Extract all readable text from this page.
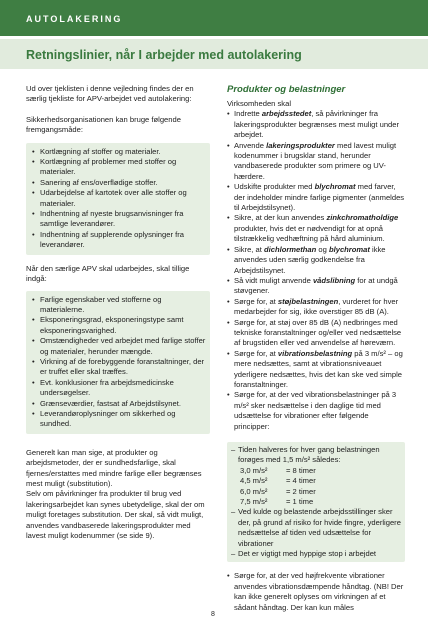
AUTOLAKERING
Retningslinier, når I arbejder med autolakering

Ud over tjeklisten i denne vejledning findes der en særlig tjekliste for APV-arbejdet ved autolakering:

Sikkerhedsorganisationen kan bruge følgende fremgangsmåde:

• Kortlægning af stoffer og materialer.
• Kortlægning af problemer med stoffer og materialer.
• Sanering af ens/overflødige stoffer.
• Udarbejdelse af kartotek over alle stoffer og materialer.
• Indhentning af nyeste brugsanvisninger fra samtlige leverandører.
• Indhentning af supplerende oplysninger fra leverandører.

Når den særlige APV skal udarbejdes, skal tillige indgå:

• Farlige egenskaber ved stofferne og materialerne.
• Eksponeringsgrad, eksponeringstype samt eksponeringsvarighed.
• Omstændigheder ved arbejdet med farlige stoffer og materialer, herunder mængde.
• Virkning af de forebyggende foranstaltninger, der er truffet eller skal træffes.
• Evt. konklusioner fra arbejdsmedicinske undersøgelser.
• Grænseværdier, fastsat af Arbejdstilsynet.
• Leverandøroplysninger om sikkerhed og sundhed.

Generelt kan man sige, at produkter og arbejdsmetoder, der er sundhedsfarlige, skal fjernes/erstattes med mindre farlige eller begrænses mest muligt (substitution).

Selv om påvirkninger fra produkter til brug ved lakeringsarbejdet kan synes ubetydelige, skal der om muligt foretages substitution. Der skal, så vidt muligt, anvendes vandbaserede lakeringsprodukter med lavest muligt kodenummer (se side 9).

Produkter og belastninger

Virksomheden skal

• Indrette arbejdsstedet, så påvirkninger fra lakeringsprodukter begrænses mest muligt under arbejdet.
• Anvende lakeringsprodukter med lavest muligt kodenummer i brugsklar stand, herunder vandbaserede produkter som primere og UV-hærdere.
• Udskifte produkter med blychromat med farver, der indeholder mindre farlige pigmenter (anmeldes til Arbejdstilsynet).
• Sikre, at der kun anvendes zinkchromatholdige produkter, hvis det er nødvendigt for at opnå tilstrækkelig vedhæftning på hård aluminium.
• Sikre, at dichlormethan og blychromat ikke anvendes uden særlig godkendelse fra Arbejdstilsynet.
• Så vidt muligt anvende vådslibning for at undgå støvgener.
• Sørge for, at støjbelastningen, vurderet for hver medarbejder for sig, ikke overstiger 85 dB (A).
• Sørge for, at støj over 85 dB (A) nedbringes med tekniske foranstaltninger og/eller ved nedsættelse af brugstiden eller ved anvendelse af høreværn.
• Sørge for, at vibrationsbelastning på 3 m/s² – og mere nedsættes, samt at vibrationsniveauet yderligere nedsættes, hvis det kan ske ved simple foranstaltninger.
• Sørge for, at der ved vibrationsbelastninger på 3 m/s² sker nedsættelse i den daglige tid med udsættelse for vibrationer efter følgende principper:
– Tiden halveres for hver gang belastningen forøges med 1,5 m/s² således:
3,0 m/s² = 8 timer
4,5 m/s² = 4 timer
6,0 m/s² = 2 timer
7,5 m/s² = 1 time
– Ved kulde og belastende arbejdsstillinger sker der, på grund af risiko for hvide fingre, yderligere nedsættelse af tiden ved udsættelse for vibrationer
– Det er vigtigt med hyppige stop i arbejdet
• Sørge for, at der ved højfrekvente vibrationer anvendes vibrationsdæmpende håndtag. (NB! Der kan ikke generelt oplyses om virkningen af et sådant håndtag. Der kan kun måles
8
